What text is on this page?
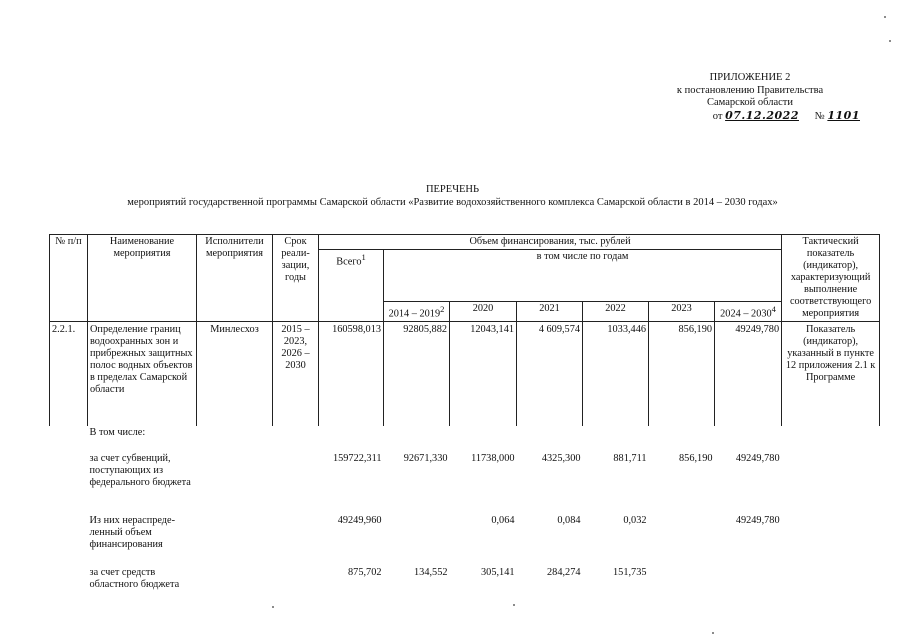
ПРИЛОЖЕНИЕ 2
к постановлению Правительства
Самарской области
от 07.12.2022 № 1101
ПЕРЕЧЕНЬ
мероприятий государственной программы Самарской области «Развитие водохозяйственного комплекса Самарской области в 2014 – 2030 годах»
№ п/п	Наименование мероприятия	Исполнители мероприятия	Срок реали-зации, годы	Объем финансирования, тыс. рублей							Тактический показатель (индикатор), характеризующий выполнение соответствующего мероприятия
				Всего$^1$	в том числе по годам						
					2014 – 2019$^2$	2020	2021	2022	2023	2024 – 2030$^4$
2.2.1.	Определение границ водоохранных зон и прибрежных защитных полос водных объектов в пределах Самарской области	Минлесхоз	2015 – 2023, 2026 – 2030	160598,013	92805,882	12043,141	4 609,574	1033,446	856,190	49249,780	Показатель (индикатор), указанный в пункте 12 приложения 2.1 к Программе
	В том числе:										
	за счет субвенций, поступающих из федерального бюджета			159722,311	92671,330	11738,000	4325,300	881,711	856,190	49249,780	
	Из них нераспреде-ленный объем финансирования			49249,960		0,064	0,084	0,032		49249,780	
	за счет средств областного бюджета			875,702	134,552	305,141	284,274	151,735			
